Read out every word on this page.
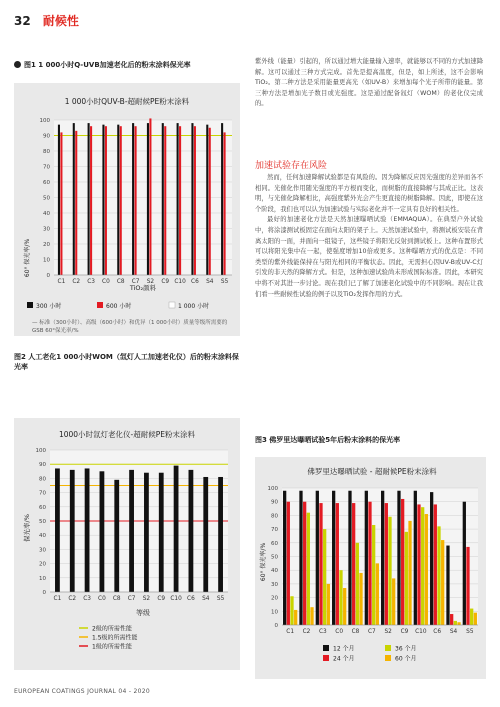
32 耐候性
图1 1 000小时Q-UVB加速老化后的粉末涂料保光率
1 000小时QUV-B-超耐候PE粉末涂料
60° 保光率/%
TiO₂颜料
300 小时	600 小时	1 000 小时
0
10
20
30
40
50
60
70
80
90
100
C1 C2 C3 C0 C8 C7 S2 C9 C10 C6 S4 S5
— 标准（300小时）、高级（600小时）和优异（1 000小时）质量等级所需要的GSB 60°保光率/%
图2 人工老化1 000小时WOM（氙灯人工加速老化仪）后的粉末涂料保光率
1000小时氙灯老化仪-超耐候PE粉末涂料
保光率/%
等级
2级的所需性能
1.5级的所需性能
1级的所需性能
0
10
20
30
40
50
60
70
80
90
100
C1 C2 C3 C0 C8 C7 S2 C9 C10 C6 S4 S5

紫外线（能量）引起的，所以通过增大能量输入速率，就能够以不同的方式加速降解。这可以通过三种方式完成。首先是提高温度，但是，如上所述，这不会影响TiO₂。第二种方法是采用能量更高光（如UV-B）来增加每个光子所带的能量。第三种方法是增加光子数目或光强度。这是通过配备氙灯（WOM）的老化仪完成的。

加速试验存在风险

然而，任何加速降解试验都是有风险的。因为降解反应因光强度的差异而各不相同。光催化作用随光强度的平方根而变化，而树脂的直接降解与其成正比。这表明，与光催化降解相比，高强度紫外光会产生更直接的树脂降解。因此，即使在这个阶段，我们也可以认为加速试验与实际老化并不一定具有良好的相关性。

最好的加速老化方法是天然加速曝晒试验（EMMAQUA）。在典型户外试验中，将涂漆测试板固定在面向太阳的架子上。天然加速试验中，将测试板安装在背离太阳的一面，并面向一组镜子，这些镜子将阳光反射到测试板上。这种布置形式可以将阳光集中在一起，使强度增加10倍或更多。这种曝晒方式的优点是：不同类型的紫外线能保持在与阳光相同的平衡状态。因此，无需担心因UV-B或UV-C灯引发的非天然的降解方式。但是，这种加速试验尚未形成国际标准。因此，本研究中将不对其进一步讨论。现在我们已了解了加速老化试验中的不同影响。现在让我们看一些耐候性试验的例子以及TiO₂发挥作用的方式。

图3 佛罗里达曝晒试验5年后粉末涂料的保光率
佛罗里达曝晒试验 - 超耐候PE粉末涂料
60° 保光率/%
12 个月	36 个月
24 个月	60 个月
0
10
20
30
40
50
60
70
80
90
100
C1 C2 C3 C0 C8 C7 S2 C9 C10 C6 S4 S5
EUROPEAN COATINGS JOURNAL 04 - 2020
